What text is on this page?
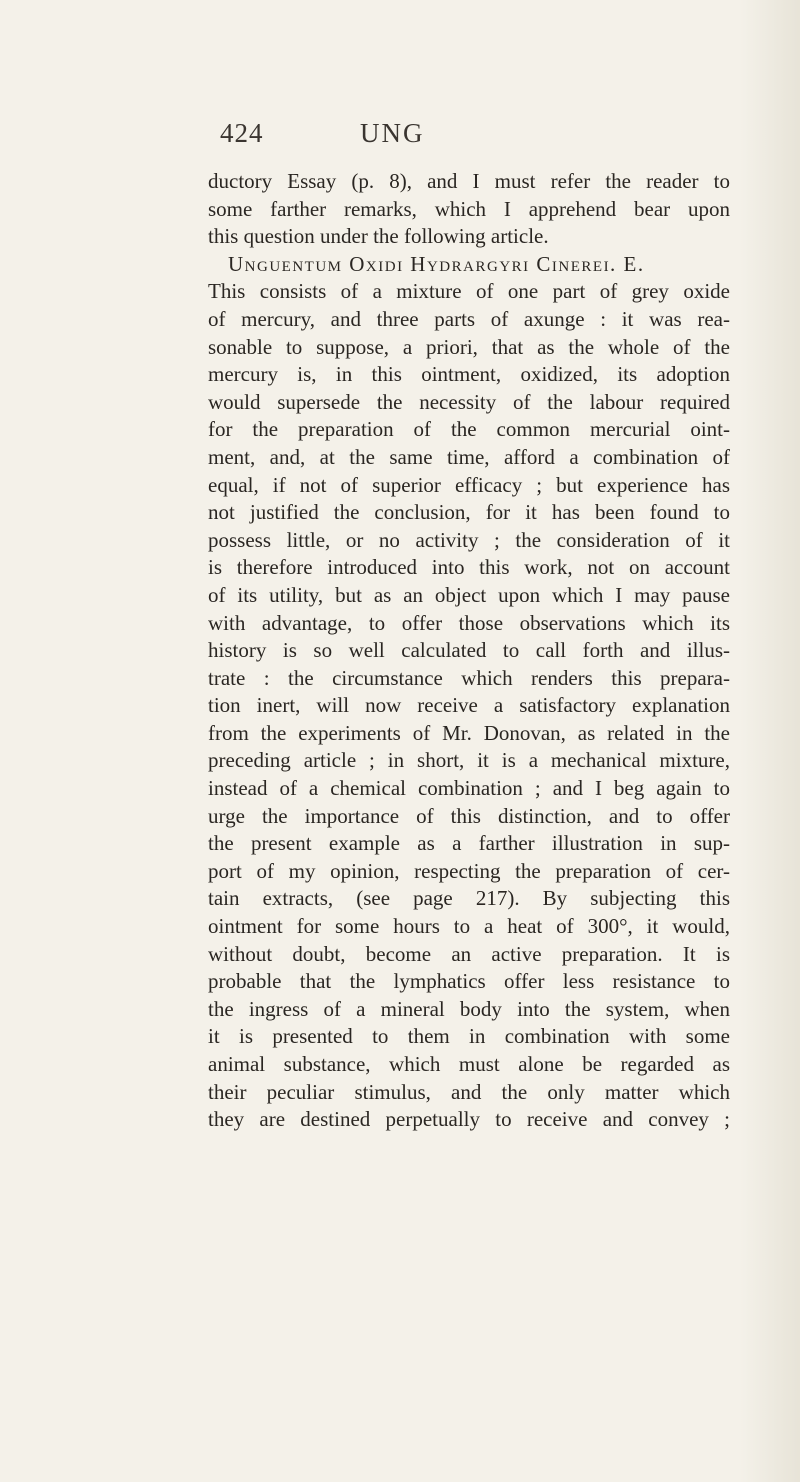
424	UNG
ductory Essay (p. 8), and I must refer the reader to
some farther remarks, which I apprehend bear upon
this question under the following article.
Unguentum Oxidi Hydrargyri Cinerei. E.
This consists of a mixture of one part of grey oxide
of mercury, and three parts of axunge : it was rea-
sonable to suppose, a priori, that as the whole of the
mercury is, in this ointment, oxidized, its adoption
would supersede the necessity of the labour required
for the preparation of the common mercurial oint-
ment, and, at the same time, afford a combination of
equal, if not of superior efficacy ; but experience has
not justified the conclusion, for it has been found to
possess little, or no activity ; the consideration of it
is therefore introduced into this work, not on account
of its utility, but as an object upon which I may pause
with advantage, to offer those observations which its
history is so well calculated to call forth and illus-
trate : the circumstance which renders this prepara-
tion inert, will now receive a satisfactory explanation
from the experiments of Mr. Donovan, as related in the
preceding article ; in short, it is a mechanical mixture,
instead of a chemical combination ; and I beg again to
urge the importance of this distinction, and to offer
the present example as a farther illustration in sup-
port of my opinion, respecting the preparation of cer-
tain extracts, (see page 217). By subjecting this
ointment for some hours to a heat of 300°, it would,
without doubt, become an active preparation. It is
probable that the lymphatics offer less resistance to
the ingress of a mineral body into the system, when
it is presented to them in combination with some
animal substance, which must alone be regarded as
their peculiar stimulus, and the only matter which
they are destined perpetually to receive and convey ;
